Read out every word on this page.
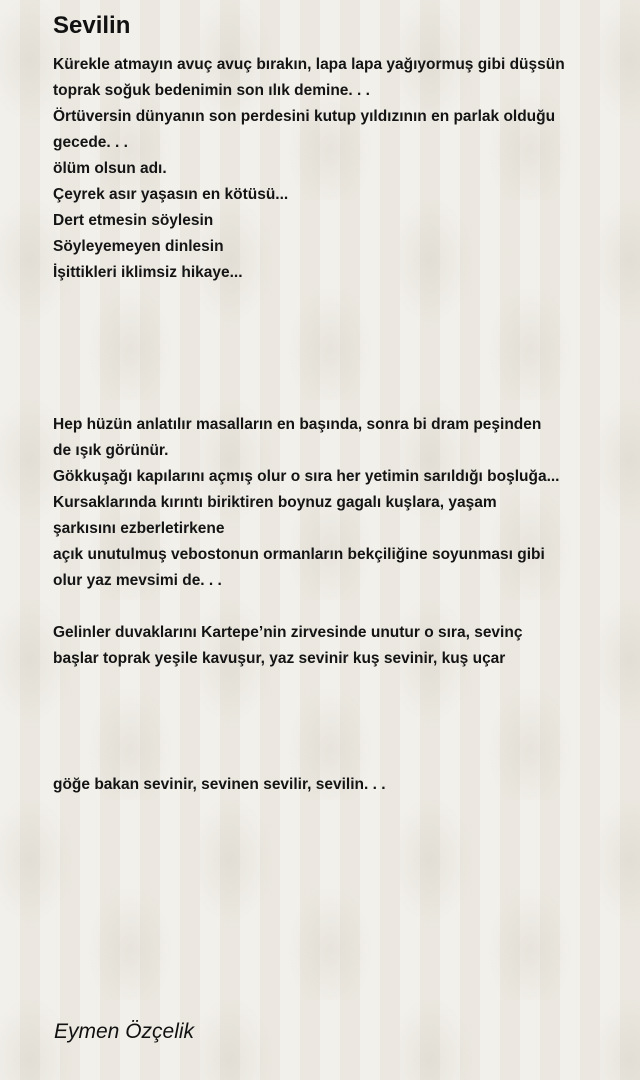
Sevilin

Kürekle atmayın avuç avuç bırakın, lapa lapa yağıyormuş gibi düşsün

toprak soğuk bedenimin son ılık demine. . .

Örtüversin dünyanın son perdesini kutup yıldızının en parlak olduğu

gecede. . .

ölüm olsun adı.

Çeyrek asır yaşasın en kötüsü...

Dert etmesin söylesin

Söyleyemeyen dinlesin

İşittikleri iklimsiz hikaye...

Hep hüzün anlatılır masalların en başında, sonra bi dram peşinden

de ışık görünür.

Gökkuşağı kapılarını açmış olur o sıra her yetimin sarıldığı boşluğa...

Kursaklarında kırıntı biriktiren boynuz gagalı kuşlara, yaşam

şarkısını ezberletirkene

açık unutulmuş vebostonun ormanların bekçiliğine soyunması gibi

olur yaz mevsimi de. . .

Gelinler duvaklarını Kartepe’nin zirvesinde unutur o sıra, sevinç

başlar toprak yeşile kavuşur, yaz sevinir kuş sevinir, kuş uçar

göğe bakan sevinir, sevinen sevilir, sevilin. . .

Eymen Özçelik
